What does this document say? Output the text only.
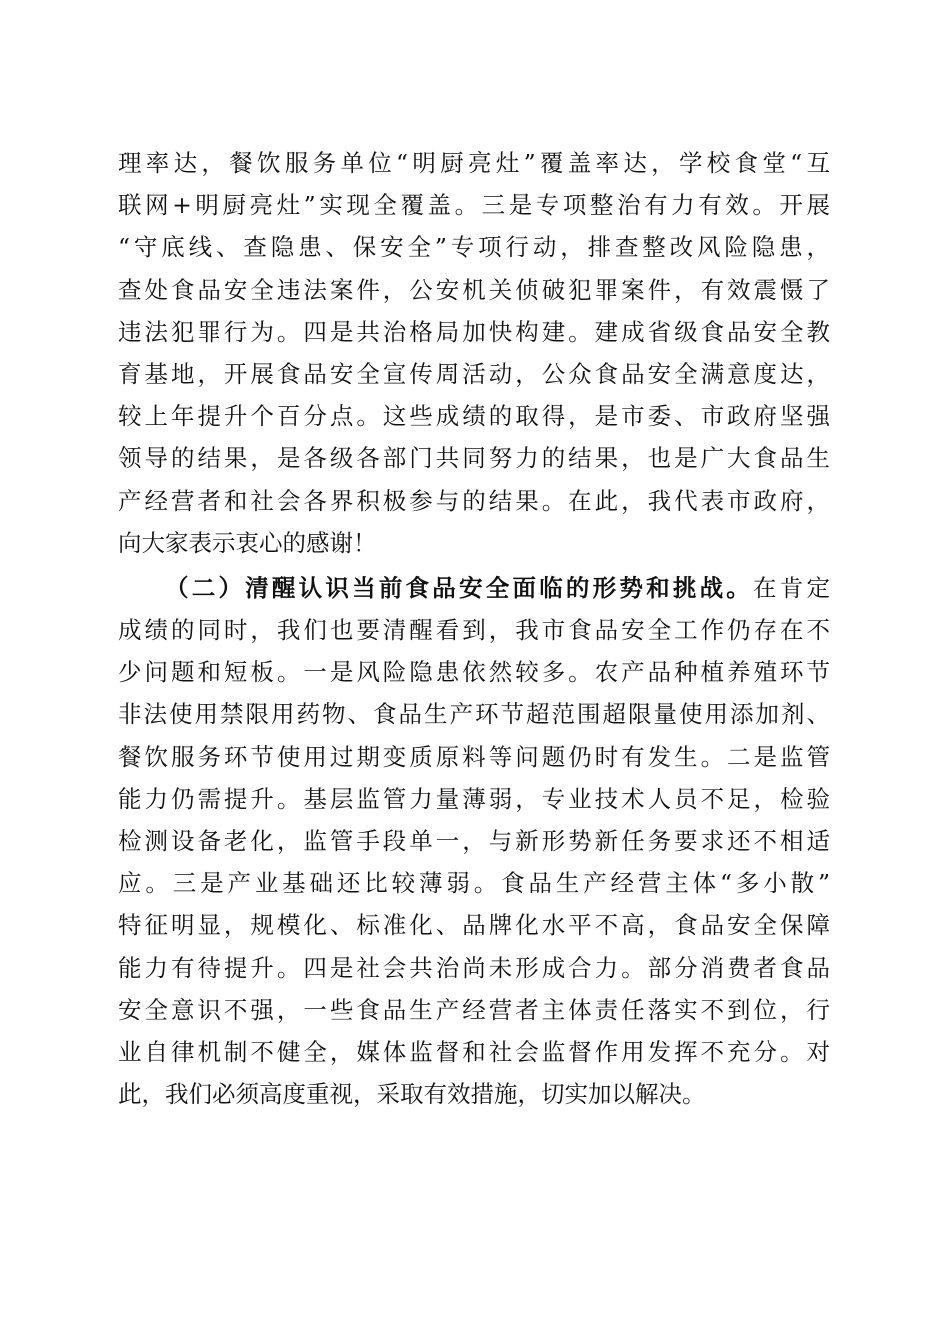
理率达，餐饮服务单位“明厨亮灶”覆盖率达，学校食堂“互
联网+明厨亮灶”实现全覆盖。三是专项整治有力有效。开展
“守底线、查隐患、保安全”专项行动，排查整改风险隐患，
查处食品安全违法案件，公安机关侦破犯罪案件，有效震慑了
违法犯罪行为。四是共治格局加快构建。建成省级食品安全教
育基地，开展食品安全宣传周活动，公众食品安全满意度达，
较上年提升个百分点。这些成绩的取得，是市委、市政府坚强
领导的结果，是各级各部门共同努力的结果，也是广大食品生
产经营者和社会各界积极参与的结果。在此，我代表市政府，
向大家表示衷心的感谢！
（二）清醒认识当前食品安全面临的形势和挑战。在肯定
成绩的同时，我们也要清醒看到，我市食品安全工作仍存在不
少问题和短板。一是风险隐患依然较多。农产品种植养殖环节
非法使用禁限用药物、食品生产环节超范围超限量使用添加剂、
餐饮服务环节使用过期变质原料等问题仍时有发生。二是监管
能力仍需提升。基层监管力量薄弱，专业技术人员不足，检验
检测设备老化，监管手段单一，与新形势新任务要求还不相适
应。三是产业基础还比较薄弱。食品生产经营主体“多小散”
特征明显，规模化、标准化、品牌化水平不高，食品安全保障
能力有待提升。四是社会共治尚未形成合力。部分消费者食品
安全意识不强，一些食品生产经营者主体责任落实不到位，行
业自律机制不健全，媒体监督和社会监督作用发挥不充分。对
此，我们必须高度重视，采取有效措施，切实加以解决。
